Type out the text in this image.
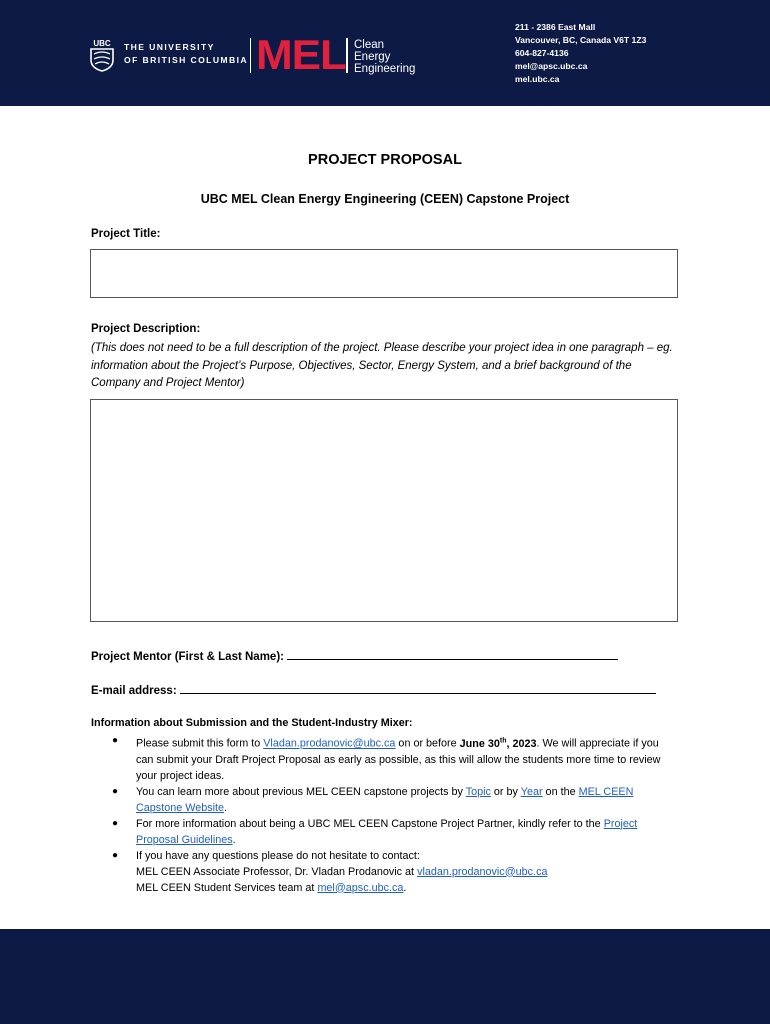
UBC THE UNIVERSITY
OF BRITISH COLUMBIA MEL Clean
Energy
Engineering
211 - 2386 East Mall
Vancouver, BC, Canada V6T 1Z3
604-827-4136
mel@apsc.ubc.ca
mel.ubc.ca
PROJECT PROPOSAL
UBC MEL Clean Energy Engineering (CEEN) Capstone Project
Project Title:
Project Description:
(This does not need to be a full description of the project. Please describe your project idea in one paragraph – eg. information about the Project’s Purpose, Objectives, Sector, Energy System, and a brief background of the Company and Project Mentor)
Project Mentor (First & Last Name):
E-mail address:
Information about Submission and the Student-Industry Mixer:
● Please submit this form to Vladan.prodanovic@ubc.ca on or before June 30th, 2023. We will appreciate if you can submit your Draft Project Proposal as early as possible, as this will allow the students more time to review your project ideas.
● You can learn more about previous MEL CEEN capstone projects by Topic or by Year on the MEL CEEN Capstone Website.
● For more information about being a UBC MEL CEEN Capstone Project Partner, kindly refer to the Project Proposal Guidelines.
● If you have any questions please do not hesitate to contact:
MEL CEEN Associate Professor, Dr. Vladan Prodanovic at vladan.prodanovic@ubc.ca
MEL CEEN Student Services team at mel@apsc.ubc.ca.
